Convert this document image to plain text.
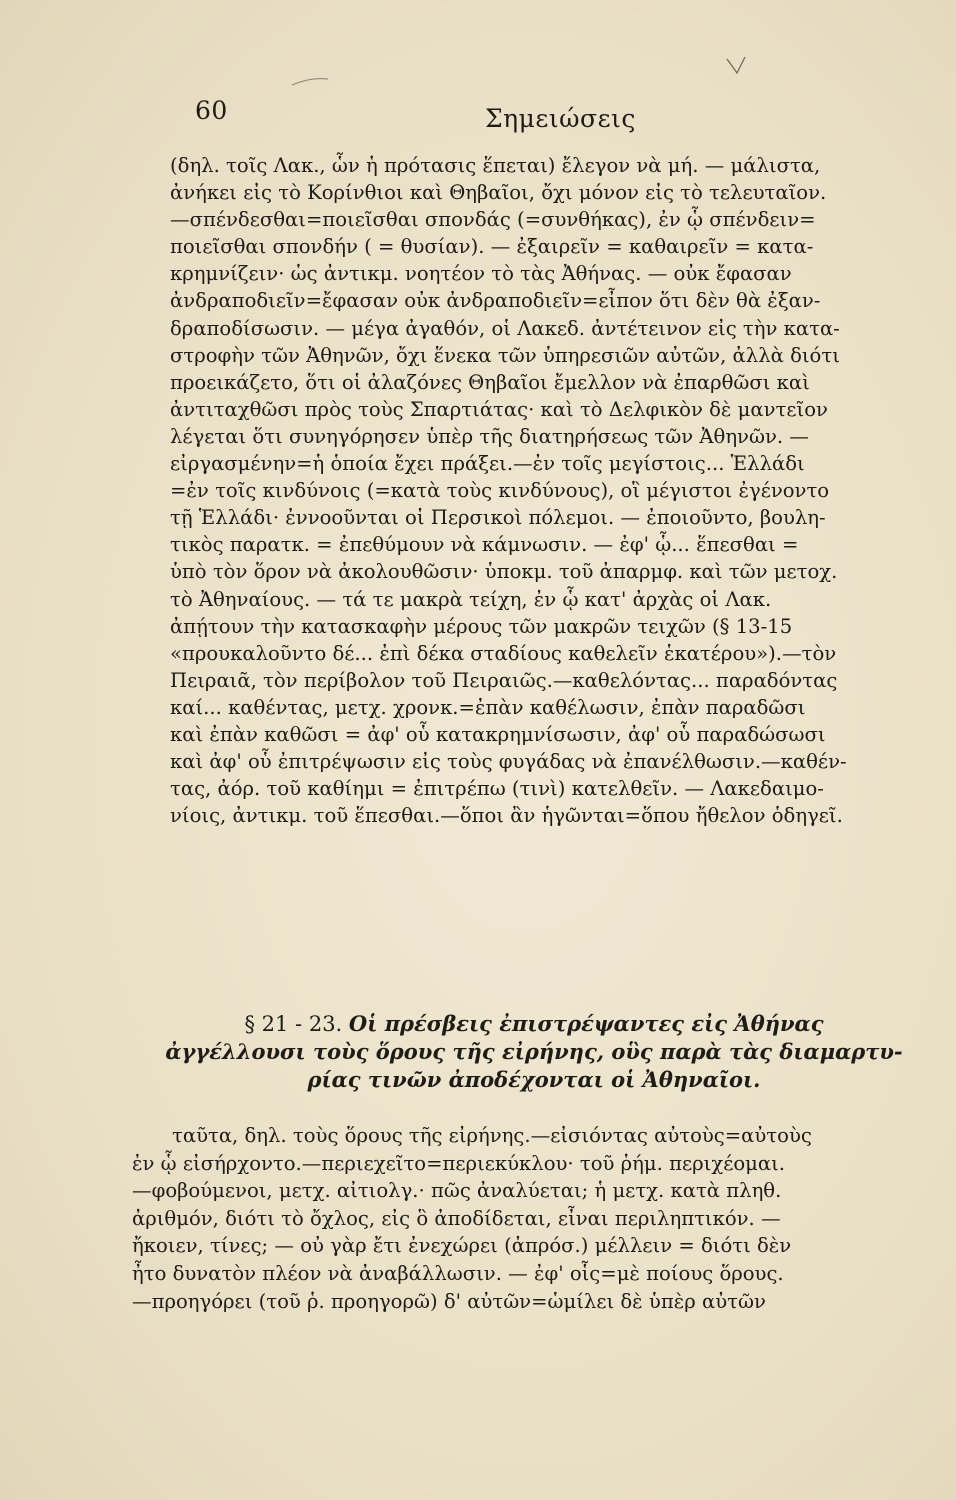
60	Σημειώσεις
(δηλ. τοῖς Λακ., ὧν ἡ πρότασις ἕπεται) ἔλεγον νὰ μή. — μάλιστα,
ἀνήκει εἰς τὸ Κορίνθιοι καὶ Θηβαῖοι, ὄχι μόνον εἰς τὸ τελευταῖον.
—σπένδεσθαι=ποιεῖσθαι σπονδάς (=συνθήκας), ἐν ᾧ σπένδειν=
ποιεῖσθαι σπονδήν ( = θυσίαν). — ἐξαιρεῖν = καθαιρεῖν = κατα-
κρημνίζειν· ὡς ἀντικμ. νοητέον τὸ τὰς Ἀθήνας. — οὐκ ἔφασαν
ἀνδραποδιεῖν=ἔφασαν οὐκ ἀνδραποδιεῖν=εἶπον ὅτι δὲν θὰ ἐξαν-
δραποδίσωσιν. — μέγα ἀγαθόν, οἱ Λακεδ. ἀντέτεινον εἰς τὴν κατα-
στροφὴν τῶν Ἀθηνῶν, ὄχι ἕνεκα τῶν ὑπηρεσιῶν αὐτῶν, ἀλλὰ διότι
προεικάζετο, ὅτι οἱ ἀλαζόνες Θηβαῖοι ἔμελλον νὰ ἐπαρθῶσι καὶ
ἀντιταχθῶσι πρὸς τοὺς Σπαρτιάτας· καὶ τὸ Δελφικὸν δὲ μαντεῖον
λέγεται ὅτι συνηγόρησεν ὑπὲρ τῆς διατηρήσεως τῶν Ἀθηνῶν. —
εἰργασμένην=ἡ ὁποία ἔχει πράξει.—ἐν τοῖς μεγίστοις... Ἑλλάδι
=ἐν τοῖς κινδύνοις (=κατὰ τοὺς κινδύνους), οἳ μέγιστοι ἐγένοντο
τῇ Ἑλλάδι· ἐννοοῦνται οἱ Περσικοὶ πόλεμοι. — ἐποιοῦντο, βουλη-
τικὸς παρατκ. = ἐπεθύμουν νὰ κάμνωσιν. — ἐφ' ᾧ... ἕπεσθαι =
ὑπὸ τὸν ὅρον νὰ ἀκολουθῶσιν· ὑποκμ. τοῦ ἀπαρμφ. καὶ τῶν μετοχ.
τὸ Ἀθηναίους. — τά τε μακρὰ τείχη, ἐν ᾧ κατ' ἀρχὰς οἱ Λακ.
ἀπῄτουν τὴν κατασκαφὴν μέρους τῶν μακρῶν τειχῶν (§ 13-15
«προυκαλοῦντο δέ... ἐπὶ δέκα σταδίους καθελεῖν ἑκατέρου»).—τὸν
Πειραιᾶ, τὸν περίβολον τοῦ Πειραιῶς.—καθελόντας... παραδόντας
καί... καθέντας, μετχ. χρονκ.=ἐπὰν καθέλωσιν, ἐπὰν παραδῶσι
καὶ ἐπὰν καθῶσι = ἀφ' οὗ κατακρημνίσωσιν, ἀφ' οὗ παραδώσωσι
καὶ ἀφ' οὗ ἐπιτρέψωσιν εἰς τοὺς φυγάδας νὰ ἐπανέλθωσιν.—καθέν-
τας, ἀόρ. τοῦ καθίημι = ἐπιτρέπω (τινὶ) κατελθεῖν. — Λακεδαιμο-
νίοις, ἀντικμ. τοῦ ἕπεσθαι.—ὅποι ἂν ἡγῶνται=ὅπου ἤθελον ὁδηγεῖ.
§ 21 - 23. Οἱ πρέσβεις ἐπιστρέψαντες εἰς Ἀθήνας
ἀγγέλλουσι τοὺς ὅρους τῆς εἰρήνης, οὓς παρὰ τὰς διαμαρτυ-
ρίας τινῶν ἀποδέχονται οἱ Ἀθηναῖοι.
ταῦτα, δηλ. τοὺς ὅρους τῆς εἰρήνης.—εἰσιόντας αὐτοὺς=αὐτοὺς
ἐν ᾧ εἰσήρχοντο.—περιεχεῖτο=περιεκύκλου· τοῦ ῥήμ. περιχέομαι.
—φοβούμενοι, μετχ. αἰτιολγ.· πῶς ἀναλύεται; ἡ μετχ. κατὰ πληθ.
ἀριθμόν, διότι τὸ ὄχλος, εἰς ὃ ἀποδίδεται, εἶναι περιληπτικόν. —
ἤκοιεν, τίνες; — οὐ γὰρ ἔτι ἐνεχώρει (ἀπρόσ.) μέλλειν = διότι δὲν
ἦτο δυνατὸν πλέον νὰ ἀναβάλλωσιν. — ἐφ' οἷς=μὲ ποίους ὅρους.
—προηγόρει (τοῦ ῥ. προηγορῶ) δ' αὐτῶν=ὡμίλει δὲ ὑπὲρ αὐτῶν
